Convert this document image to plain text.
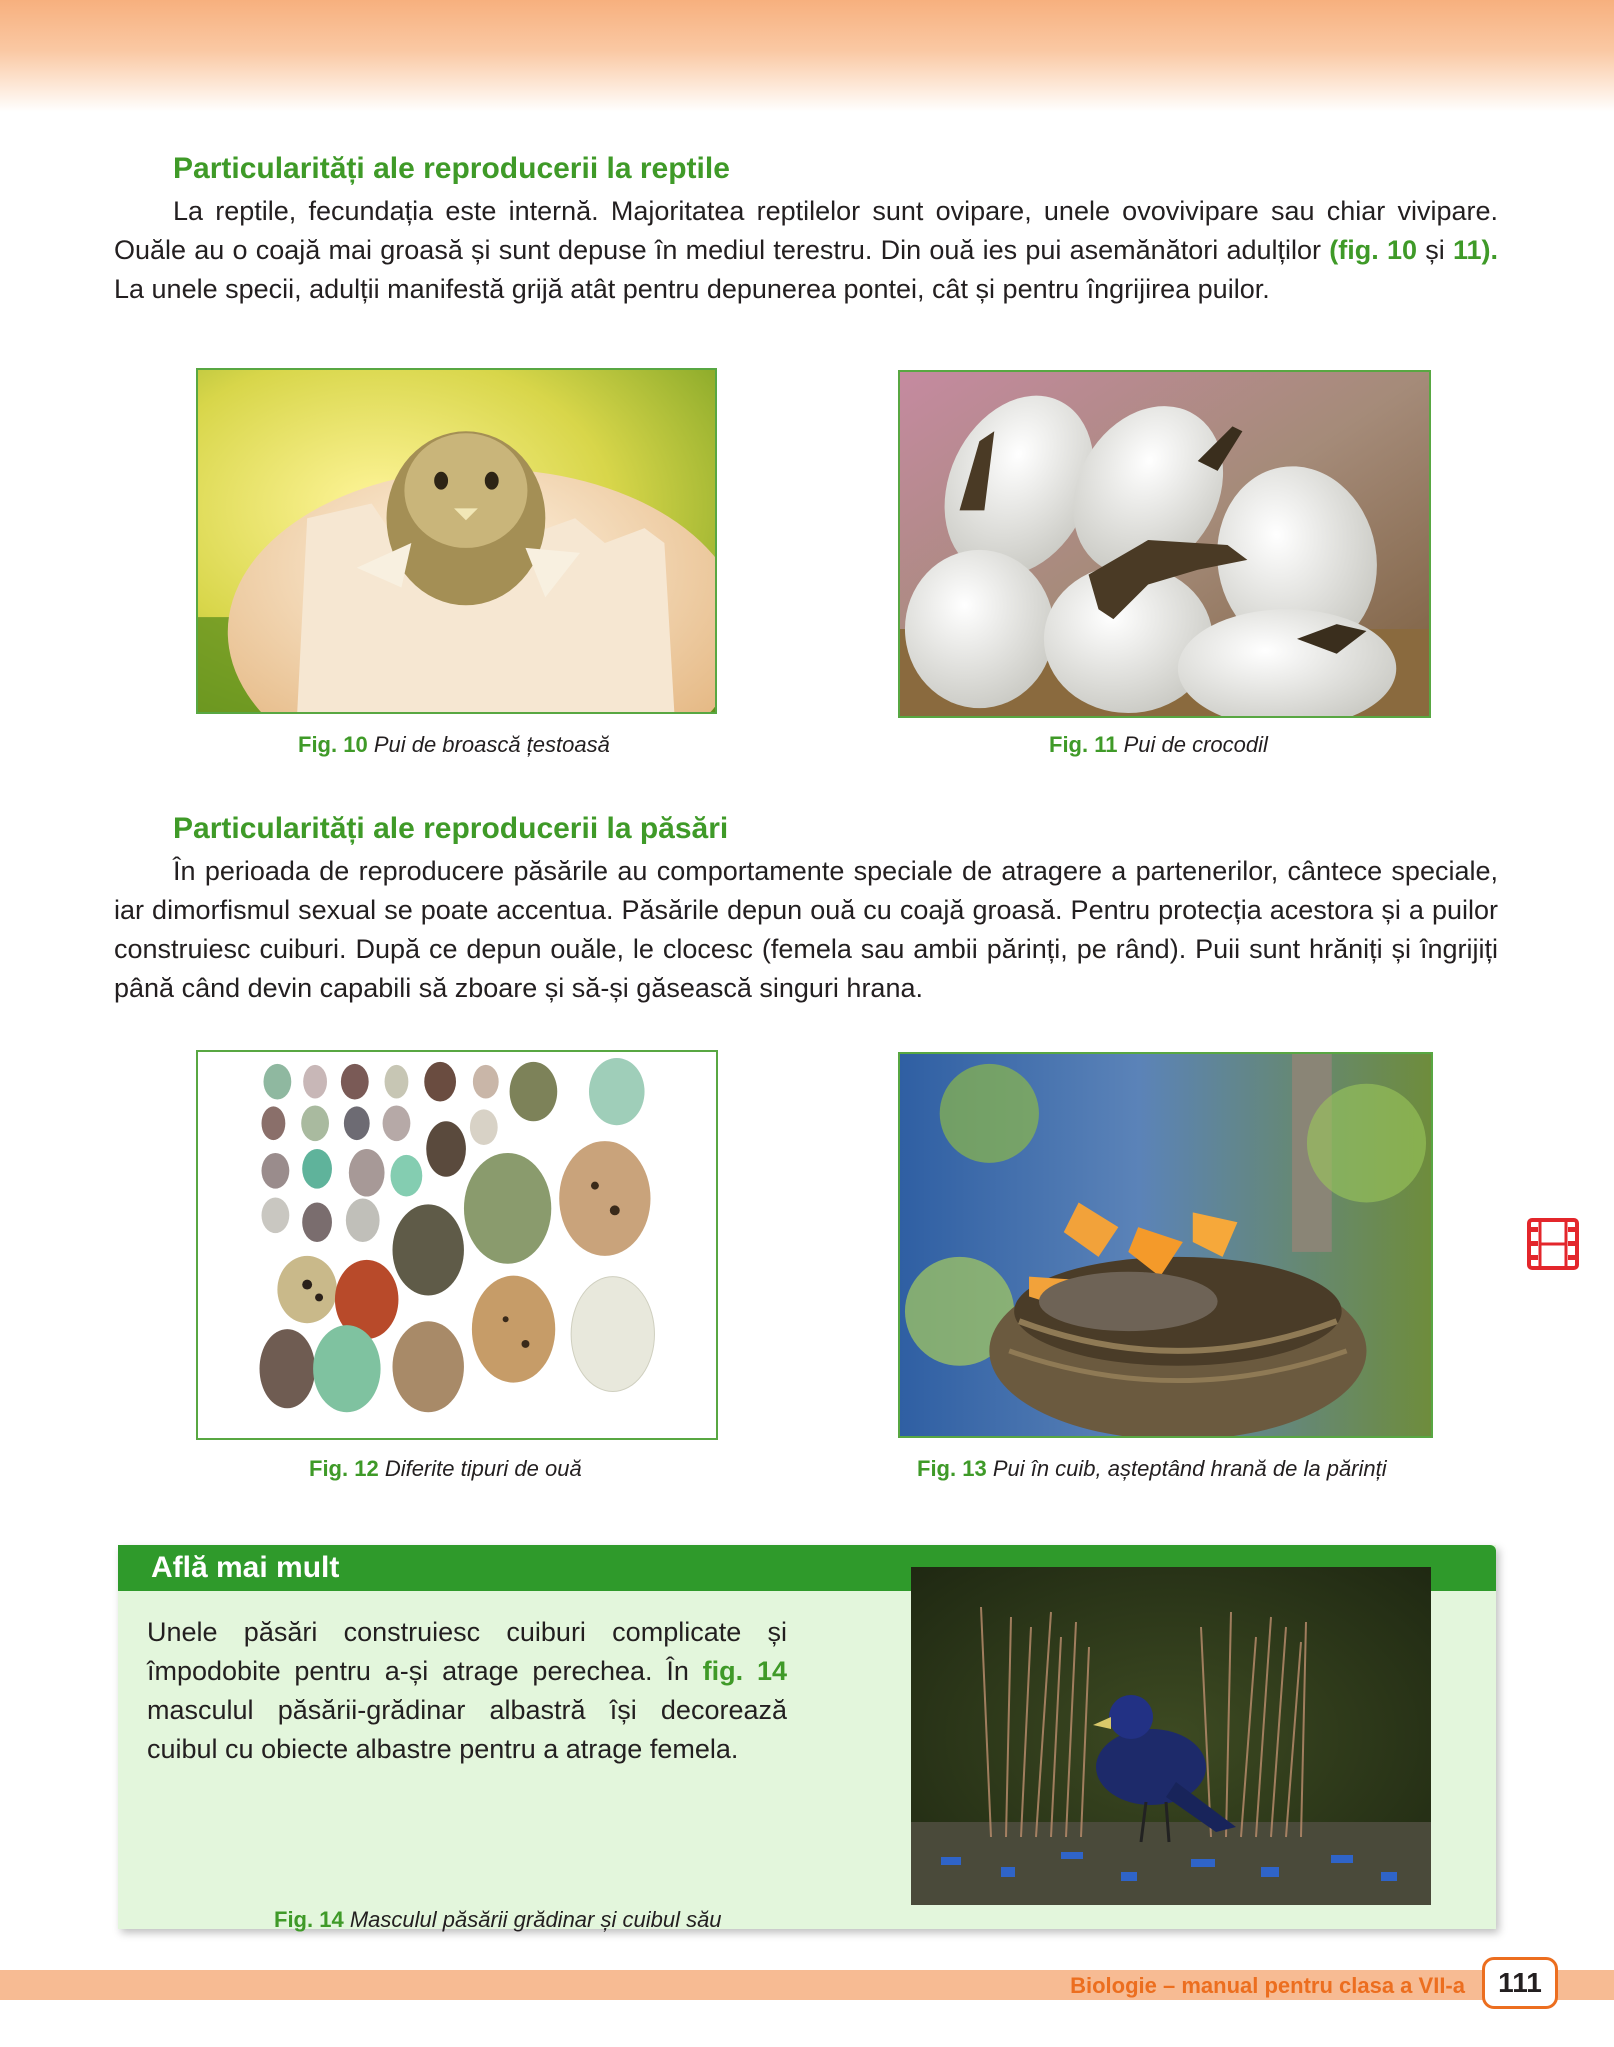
Particularități ale reproducerii la reptile

La reptile, fecundația este internă. Majoritatea reptilelor sunt ovipare, unele ovovivipare sau chiar vivipare. Ouăle au o coajă mai groasă și sunt depuse în mediul terestru. Din ouă ies pui asemănători adulților (fig. 10 și 11). La unele specii, adulții manifestă grijă atât pentru depunerea pontei, cât și pentru îngrijirea puilor.

Fig. 10 Pui de broască țestoasă	Fig. 11 Pui de crocodil
Particularități ale reproducerii la păsări

În perioada de reproducere păsările au comportamente speciale de atragere a partenerilor, cântece speciale, iar dimorfismul sexual se poate accentua. Păsările depun ouă cu coajă groasă. Pentru protecția acestora și a puilor construiesc cuiburi. După ce depun ouăle, le clocesc (femela sau ambii părinți, pe rând). Puii sunt hrăniți și îngrijiți până când devin capabili să zboare și să-și găsească singuri hrana.

Fig. 12 Diferite tipuri de ouă	Fig. 13 Pui în cuib, așteptând hrană de la părinți
Află mai mult

Unele păsări construiesc cuiburi complicate și împodobite pentru a-și atrage perechea. În fig. 14 masculul păsării-grădinar albastră își decorează cuibul cu obiecte albastre pentru a atrage femela.

Fig. 14 Masculul păsării grădinar și cuibul său
Biologie – manual pentru clasa a VII-a	111
